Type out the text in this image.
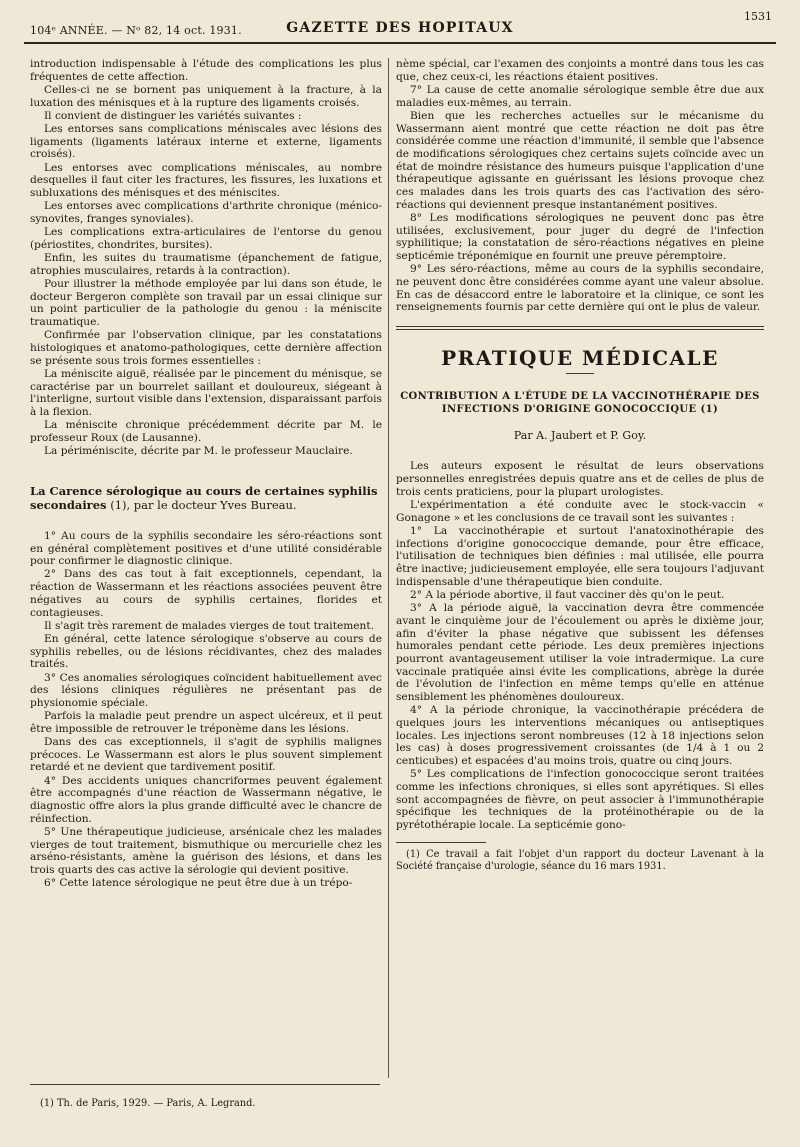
104ᵉ ANNÉE. — Nᵒ 82, 14 oct. 1931.	GAZETTE DES HOPITAUX
1531

introduction indispensable à l'étude des complications les plus fréquentes de cette affection.

Celles-ci ne se bornent pas uniquement à la fracture, à la luxation des ménisques et à la rupture des ligaments croisés.

Il convient de distinguer les variétés suivantes :

Les entorses sans complications méniscales avec lésions des ligaments (ligaments latéraux interne et externe, ligaments croisés).

Les entorses avec complications méniscales, au nombre desquelles il faut citer les fractures, les fissures, les luxations et subluxations des ménisques et des méniscites.

Les entorses avec complications d'arthrite chronique (ménico-synovites, franges synoviales).

Les complications extra-articulaires de l'entorse du genou (périostites, chondrites, bursites).

Enfin, les suites du traumatisme (épanchement de fatigue, atrophies musculaires, retards à la contraction).

Pour illustrer la méthode employée par lui dans son étude, le docteur Bergeron complète son travail par un essai clinique sur un point particulier de la pathologie du genou : la méniscite traumatique.

Confirmée par l'observation clinique, par les constatations histologiques et anatomo-pathologiques, cette dernière affection se présente sous trois formes essentielles :

La méniscite aiguë, réalisée par le pincement du ménisque, se caractérise par un bourrelet saillant et douloureux, siégeant à l'interligne, surtout visible dans l'extension, disparaissant parfois à la flexion.

La méniscite chronique précédemment décrite par M. le professeur Roux (de Lausanne).

La périméniscite, décrite par M. le professeur Mauclaire.

La Carence sérologique au cours de certaines syphilis secondaires (1), par le docteur Yves Bureau.

1° Au cours de la syphilis secondaire les séro-réactions sont en général complètement positives et d'une utilité considérable pour confirmer le diagnostic clinique.

2° Dans des cas tout à fait exceptionnels, cependant, la réaction de Wassermann et les réactions associées peuvent être négatives au cours de syphilis certaines, florides et contagieuses.

Il s'agit très rarement de malades vierges de tout traitement.

En général, cette latence sérologique s'observe au cours de syphilis rebelles, ou de lésions récidivantes, chez des malades traités.

3° Ces anomalies sérologiques coïncident habituellement avec des lésions cliniques régulières ne présentant pas de physionomie spéciale.

Parfois la maladie peut prendre un aspect ulcéreux, et il peut être impossible de retrouver le tréponème dans les lésions.

Dans des cas exceptionnels, il s'agit de syphilis malignes précoces. Le Wassermann est alors le plus souvent simplement retardé et ne devient que tardivement positif.

4° Des accidents uniques chancriformes peuvent également être accompagnés d'une réaction de Wassermann négative, le diagnostic offre alors la plus grande difficulté avec le chancre de réinfection.

5° Une thérapeutique judicieuse, arsénicale chez les malades vierges de tout traitement, bismuthique ou mercurielle chez les arséno-résistants, amène la guérison des lésions, et dans les trois quarts des cas active la sérologie qui devient positive.

6° Cette latence sérologique ne peut être due à un trépo-

(1) Th. de Paris, 1929. — Paris, A. Legrand.

nème spécial, car l'examen des conjoints a montré dans tous les cas que, chez ceux-ci, les réactions étaient positives.

7° La cause de cette anomalie sérologique semble être due aux maladies eux-mêmes, au terrain.

Bien que les recherches actuelles sur le mécanisme du Wassermann aient montré que cette réaction ne doit pas être considérée comme une réaction d'immunité, il semble que l'absence de modifications sérologiques chez certains sujets coïncide avec un état de moindre résistance des humeurs puisque l'application d'une thérapeutique agissante en guérissant les lésions provoque chez ces malades dans les trois quarts des cas l'activation des séro-réactions qui deviennent presque instantanément positives.

8° Les modifications sérologiques ne peuvent donc pas être utilisées, exclusivement, pour juger du degré de l'infection syphilitique; la constatation de séro-réactions négatives en pleine septicémie tréponémique en fournit une preuve péremptoire.

9° Les séro-réactions, même au cours de la syphilis secondaire, ne peuvent donc être considérées comme ayant une valeur absolue. En cas de désaccord entre le laboratoire et la clinique, ce sont les renseignements fournis par cette dernière qui ont le plus de valeur.

PRATIQUE MÉDICALE
CONTRIBUTION A L'ÉTUDE DE LA VACCINOTHÉRAPIE DES INFECTIONS D'ORIGINE GONOCOCCIQUE (1)
Par A. Jaubert et P. Goy.

Les auteurs exposent le résultat de leurs observations personnelles enregistrées depuis quatre ans et de celles de plus de trois cents praticiens, pour la plupart urologistes.

L'expérimentation a été conduite avec le stock-vaccin « Gonagone » et les conclusions de ce travail sont les suivantes :

1° La vaccinothérapie et surtout l'anatoxinothérapie des infections d'origine gonococcique demande, pour être efficace, l'utilisation de techniques bien définies : mal utilisée, elle pourra être inactive; judicieusement employée, elle sera toujours l'adjuvant indispensable d'une thérapeutique bien conduite.

2° A la période abortive, il faut vacciner dès qu'on le peut.

3° A la période aiguë, la vaccination devra être commencée avant le cinquième jour de l'écoulement ou après le dixième jour, afin d'éviter la phase négative que subissent les défenses humorales pendant cette période. Les deux premières injections pourront avantageusement utiliser la voie intradermique. La cure vaccinale pratiquée ainsi évite les complications, abrège la durée de l'évolution de l'infection en même temps qu'elle en atténue sensiblement les phénomènes douloureux.

4° A la période chronique, la vaccinothérapie précédera de quelques jours les interventions mécaniques ou antiseptiques locales. Les injections seront nombreuses (12 à 18 injections selon les cas) à doses progressivement croissantes (de 1/4 à 1 ou 2 centicubes) et espacées d'au moins trois, quatre ou cinq jours.

5° Les complications de l'infection gonococcique seront traitées comme les infections chroniques, si elles sont apyrétiques. Si elles sont accompagnées de fièvre, on peut associer à l'immunothérapie spécifique les techniques de la protéinothérapie ou de la pyrétothérapie locale. La septicémie gono-

(1) Ce travail a fait l'objet d'un rapport du docteur Lavenant à la Société française d'urologie, séance du 16 mars 1931.
